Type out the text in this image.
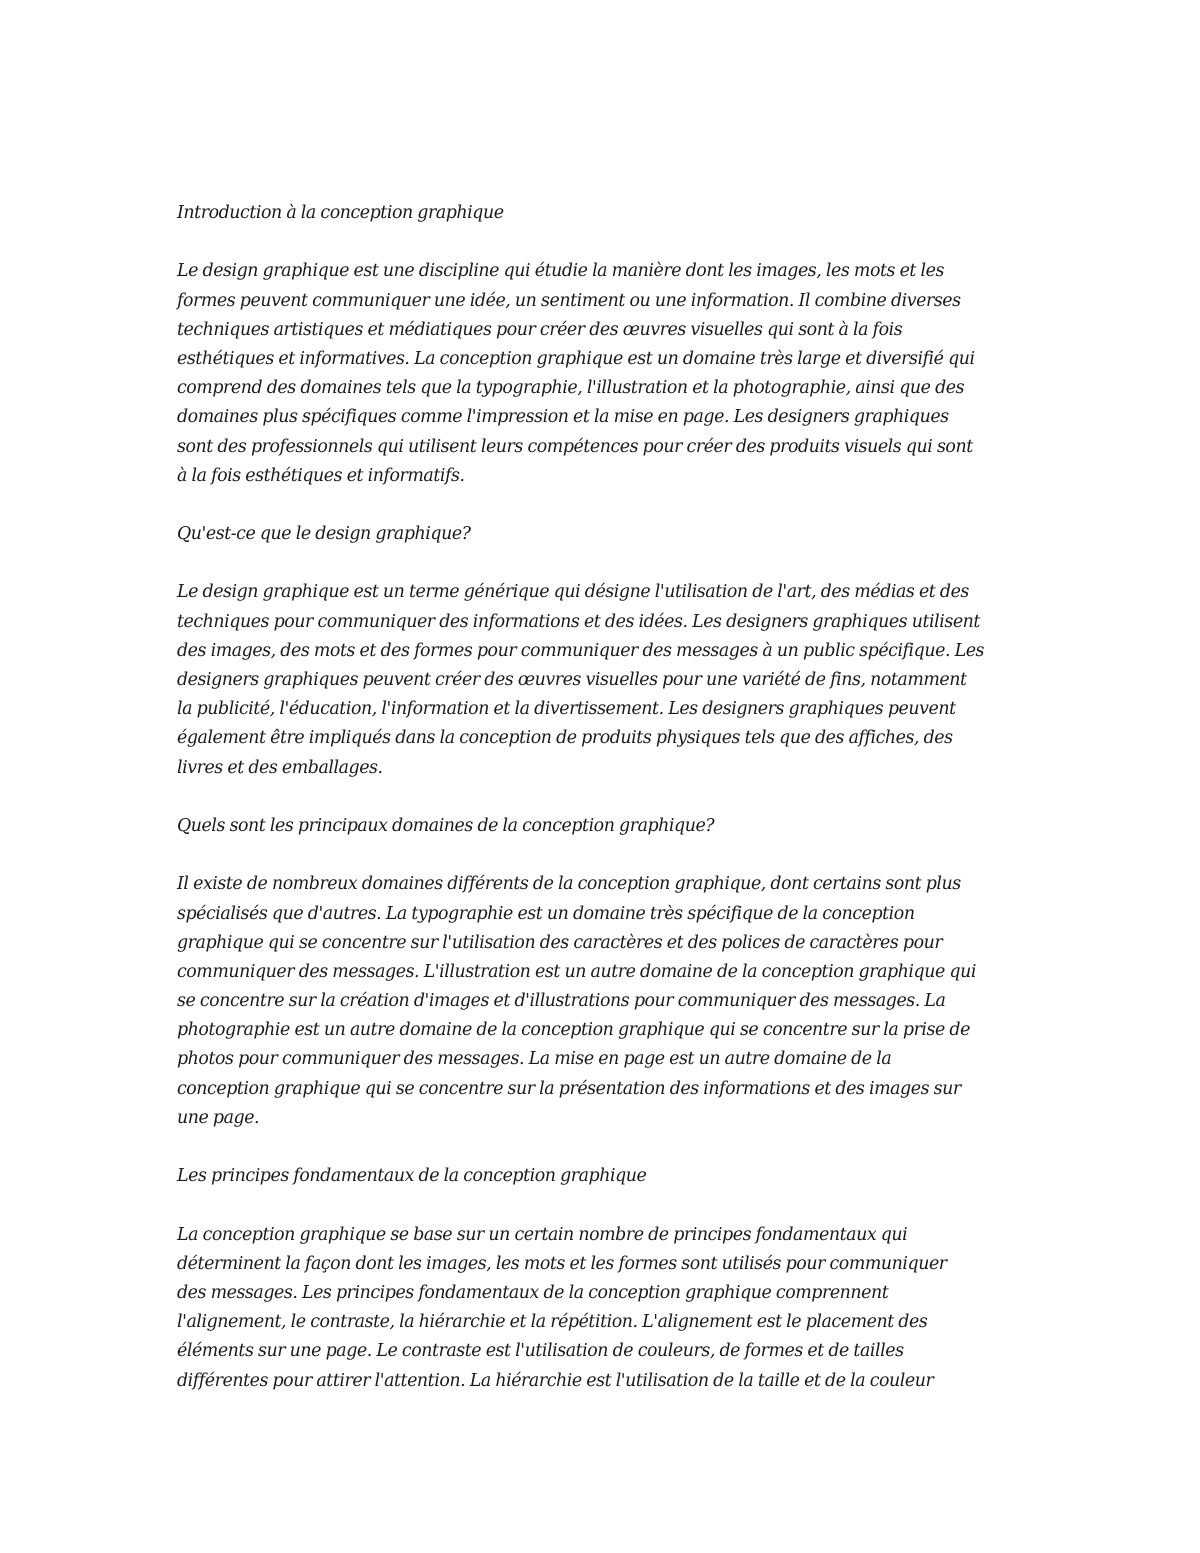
Introduction à la conception graphique
Le design graphique est une discipline qui étudie la manière dont les images, les mots et les
formes peuvent communiquer une idée, un sentiment ou une information. Il combine diverses
techniques artistiques et médiatiques pour créer des œuvres visuelles qui sont à la fois
esthétiques et informatives. La conception graphique est un domaine très large et diversifié qui
comprend des domaines tels que la typographie, l'illustration et la photographie, ainsi que des
domaines plus spécifiques comme l'impression et la mise en page. Les designers graphiques
sont des professionnels qui utilisent leurs compétences pour créer des produits visuels qui sont
à la fois esthétiques et informatifs.
Qu'est-ce que le design graphique?
Le design graphique est un terme générique qui désigne l'utilisation de l'art, des médias et des
techniques pour communiquer des informations et des idées. Les designers graphiques utilisent
des images, des mots et des formes pour communiquer des messages à un public spécifique. Les
designers graphiques peuvent créer des œuvres visuelles pour une variété de fins, notamment
la publicité, l'éducation, l'information et la divertissement. Les designers graphiques peuvent
également être impliqués dans la conception de produits physiques tels que des affiches, des
livres et des emballages.
Quels sont les principaux domaines de la conception graphique?
Il existe de nombreux domaines différents de la conception graphique, dont certains sont plus
spécialisés que d'autres. La typographie est un domaine très spécifique de la conception
graphique qui se concentre sur l'utilisation des caractères et des polices de caractères pour
communiquer des messages. L'illustration est un autre domaine de la conception graphique qui
se concentre sur la création d'images et d'illustrations pour communiquer des messages. La
photographie est un autre domaine de la conception graphique qui se concentre sur la prise de
photos pour communiquer des messages. La mise en page est un autre domaine de la
conception graphique qui se concentre sur la présentation des informations et des images sur
une page.
Les principes fondamentaux de la conception graphique
La conception graphique se base sur un certain nombre de principes fondamentaux qui
déterminent la façon dont les images, les mots et les formes sont utilisés pour communiquer
des messages. Les principes fondamentaux de la conception graphique comprennent
l'alignement, le contraste, la hiérarchie et la répétition. L'alignement est le placement des
éléments sur une page. Le contraste est l'utilisation de couleurs, de formes et de tailles
différentes pour attirer l'attention. La hiérarchie est l'utilisation de la taille et de la couleur
